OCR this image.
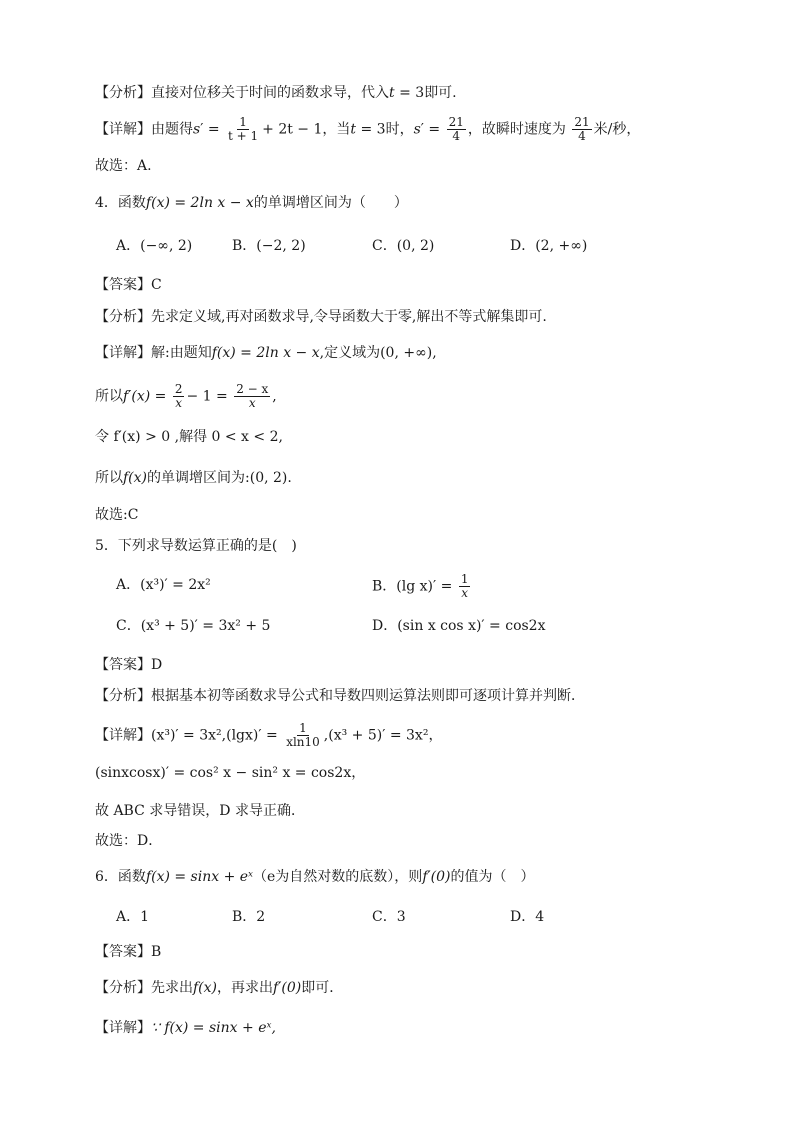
【分析】直接对位移关于时间的函数求导，代入t = 3即可.
【详解】由题得$s' = \frac{1}{t + 1} + 2t - 1$，当t = 3时，$s' = \frac{21}{4}$ ，故瞬时速度为 $\frac{21}{4}$ 米/秒，
故选：A.
4．函数f(x) = 2ln x − x的单调增区间为（　　）
A．(−∞, 2)	B．(−2, 2)	C．(0, 2)	D．(2, +∞)
【答案】C
【分析】先求定义域,再对函数求导,令导函数大于零,解出不等式解集即可.
【详解】解:由题知f(x) = 2ln x − x,定义域为(0, +∞),
所以$f'(x) = \frac{2}{x} - 1 = \frac{2 - x}{x}$ ,
令 f′(x) > 0 ,解得 0 < x < 2,
所以f(x)的单调增区间为:(0, 2).
故选:C
5．下列求导数运算正确的是(　)
A．(x³)′ = 2x²	B．(lg $x)' = \frac{1}{x}$
C．(x³ + 5)′ = 3x² + 5	D．(sin x cos x)′ = cos2x
【答案】D
【分析】根据基本初等函数求导公式和导数四则运算法则即可逐项计算并判断．
【详解】$(x^3)' = 3x^2,(\lg x)' = \frac{1}{xln10} ,(x^3 + 5)' = 3x^2$，
(sinxcosx)′ = cos² x − sin² x = cos2x，
故 ABC 求导错误，D 求导正确．
故选：D．
6．函数f(x) = sinx + eˣ（e为自然对数的底数），则f′(0)的值为（　）
A．1	B．2	C．3	D．4
【答案】B
【分析】先求出f(x)，再求出f′(0)即可．
【详解】∵ f(x) = sinx + eˣ,
